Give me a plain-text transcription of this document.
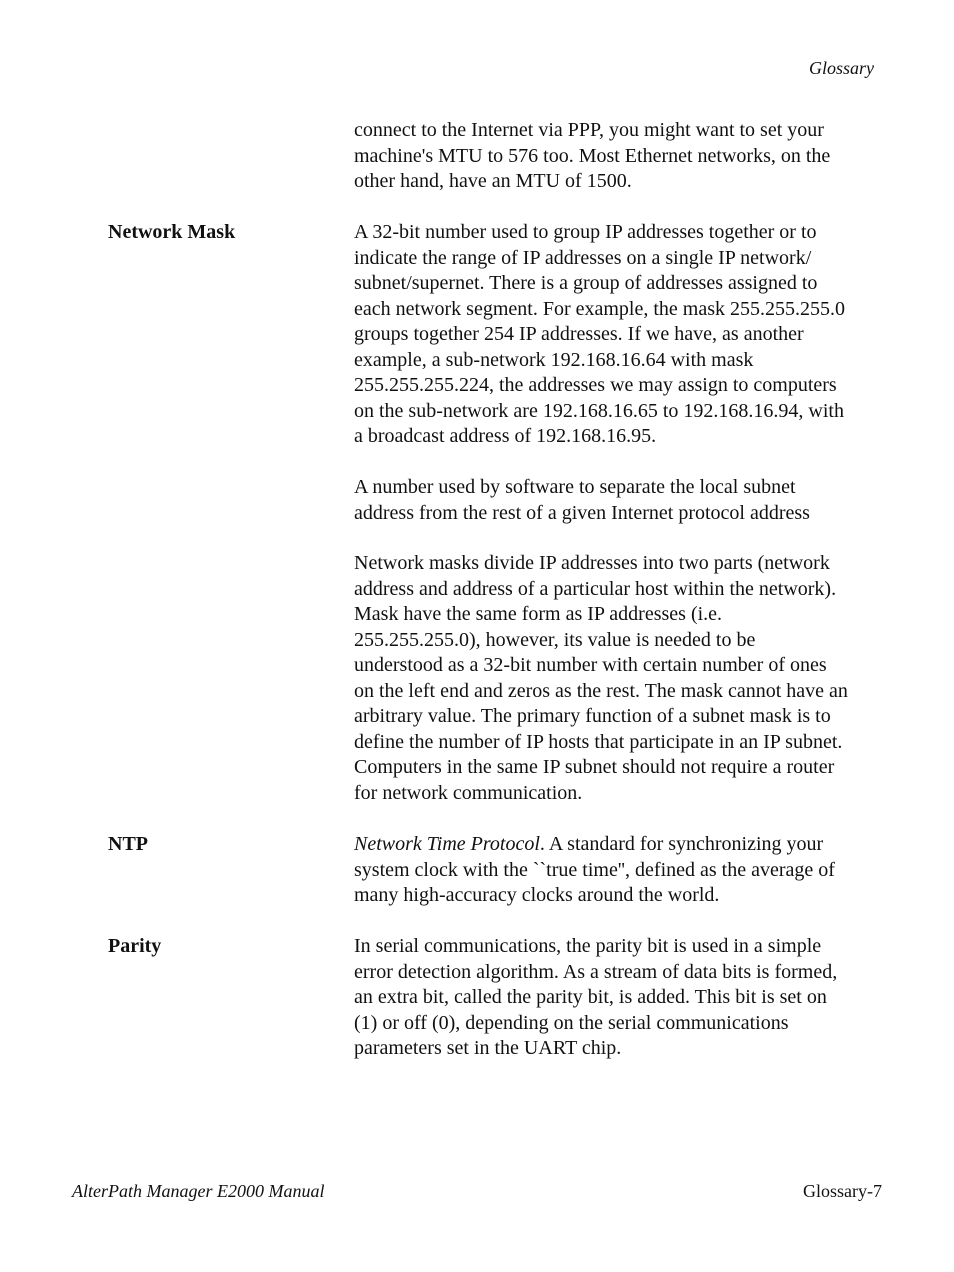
Glossary
connect to the Internet via PPP, you might want to set your
machine's MTU to 576 too. Most Ethernet networks, on the
other hand, have an MTU of 1500.
Network Mask	A 32-bit number used to group IP addresses together or to
indicate the range of IP addresses on a single IP network/
subnet/supernet. There is a group of addresses assigned to
each network segment. For example, the mask 255.255.255.0
groups together 254 IP addresses. If we have, as another
example, a sub-network 192.168.16.64 with mask
255.255.255.224, the addresses we may assign to computers
on the sub-network are 192.168.16.65 to 192.168.16.94, with
a broadcast address of 192.168.16.95.
A number used by software to separate the local subnet
address from the rest of a given Internet protocol address
Network masks divide IP addresses into two parts (network
address and address of a particular host within the network).
Mask have the same form as IP addresses (i.e.
255.255.255.0), however, its value is needed to be
understood as a 32-bit number with certain number of ones
on the left end and zeros as the rest. The mask cannot have an
arbitrary value. The primary function of a subnet mask is to
define the number of IP hosts that participate in an IP subnet.
Computers in the same IP subnet should not require a router
for network communication.
NTP	Network Time Protocol. A standard for synchronizing your
system clock with the ``true time'', defined as the average of
many high-accuracy clocks around the world.
Parity	In serial communications, the parity bit is used in a simple
error detection algorithm. As a stream of data bits is formed,
an extra bit, called the parity bit, is added. This bit is set on
(1) or off (0), depending on the serial communications
parameters set in the UART chip.
AlterPath Manager E2000 Manual	Glossary-7
